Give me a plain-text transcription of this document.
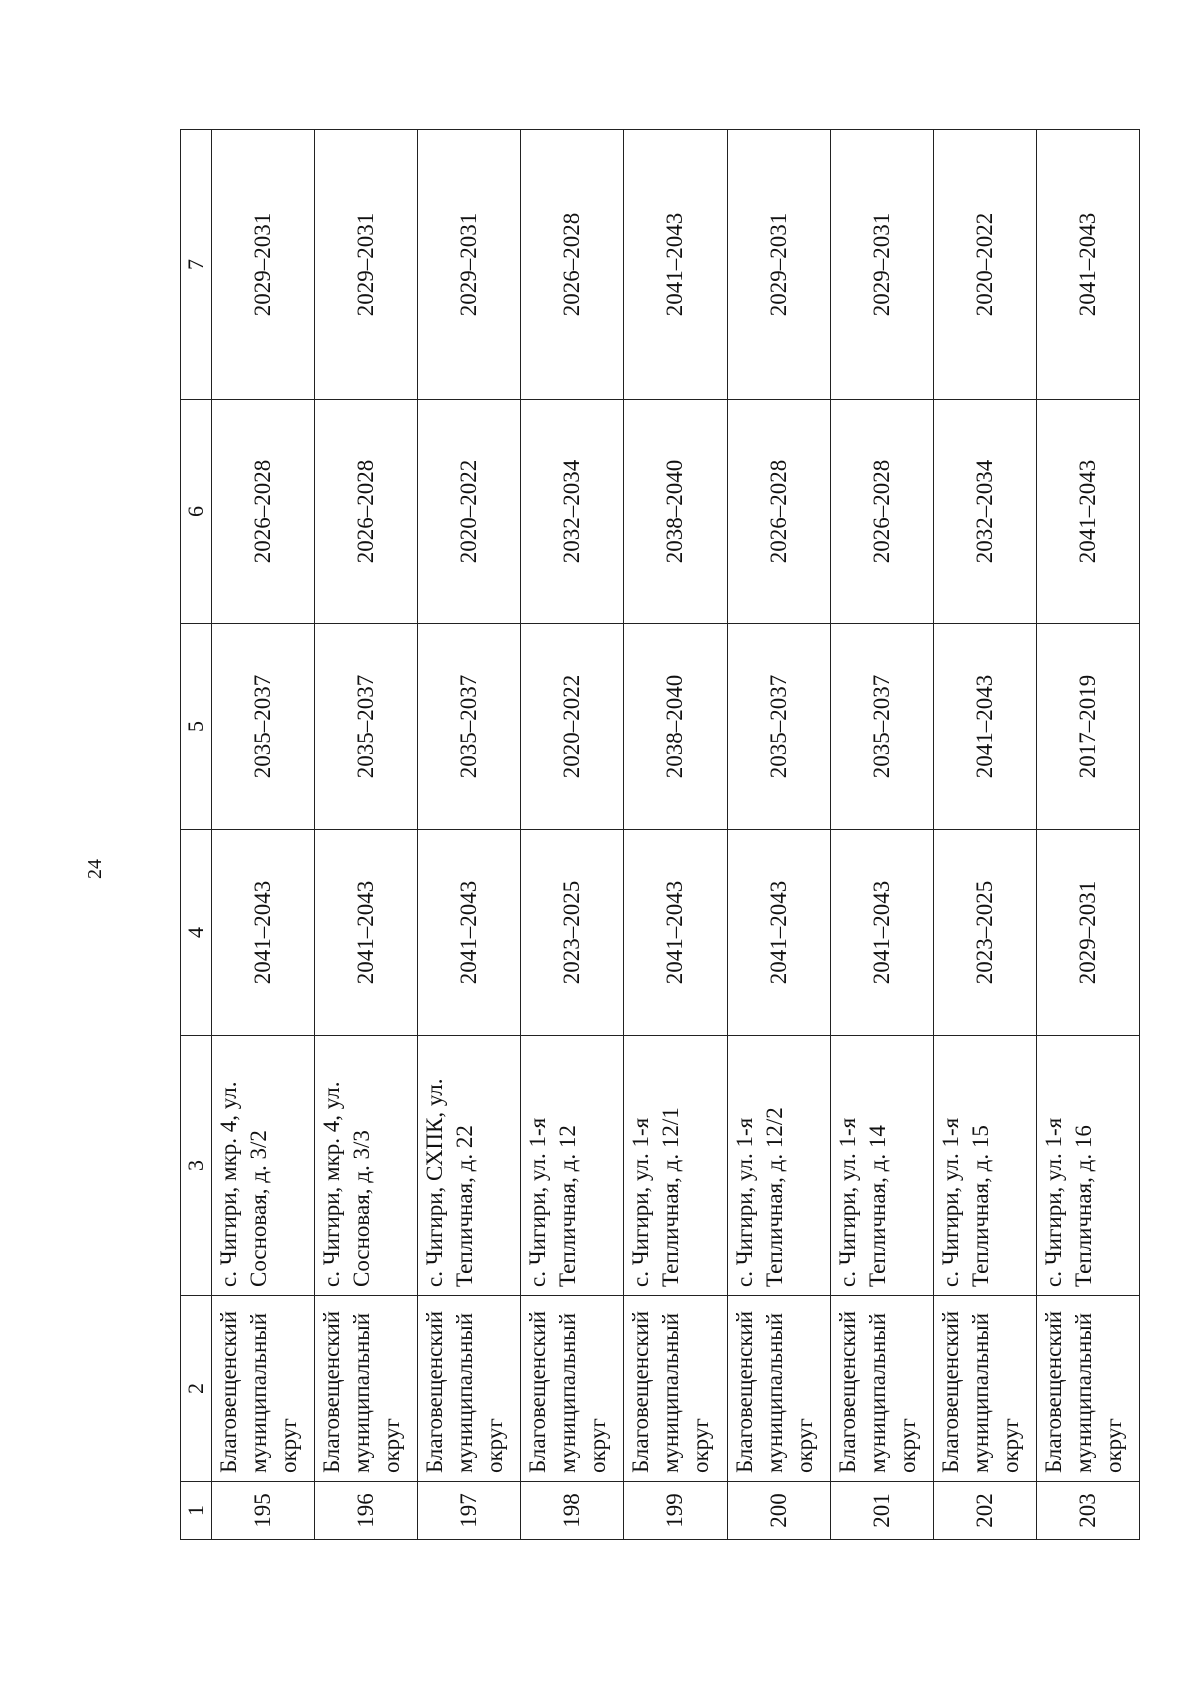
24
1	2	3	4	5	6	7
195	Благовещенский муниципальный округ	с. Чигири, мкр. 4, ул. Сосновая, д. 3/2	2041–2043	2035–2037	2026–2028	2029–2031
196	Благовещенский муниципальный округ	с. Чигири, мкр. 4, ул. Сосновая, д. 3/3	2041–2043	2035–2037	2026–2028	2029–2031
197	Благовещенский муниципальный округ	с. Чигири, СХПК, ул. Тепличная, д. 22	2041–2043	2035–2037	2020–2022	2029–2031
198	Благовещенский муниципальный округ	с. Чигири, ул. 1-я Тепличная, д. 12	2023–2025	2020–2022	2032–2034	2026–2028
199	Благовещенский муниципальный округ	с. Чигири, ул. 1-я Тепличная, д. 12/1	2041–2043	2038–2040	2038–2040	2041–2043
200	Благовещенский муниципальный округ	с. Чигири, ул. 1-я Тепличная, д. 12/2	2041–2043	2035–2037	2026–2028	2029–2031
201	Благовещенский муниципальный округ	с. Чигири, ул. 1-я Тепличная, д. 14	2041–2043	2035–2037	2026–2028	2029–2031
202	Благовещенский муниципальный округ	с. Чигири, ул. 1-я Тепличная, д. 15	2023–2025	2041–2043	2032–2034	2020–2022
203	Благовещенский муниципальный округ	с. Чигири, ул. 1-я Тепличная, д. 16	2029–2031	2017–2019	2041–2043	2041–2043
